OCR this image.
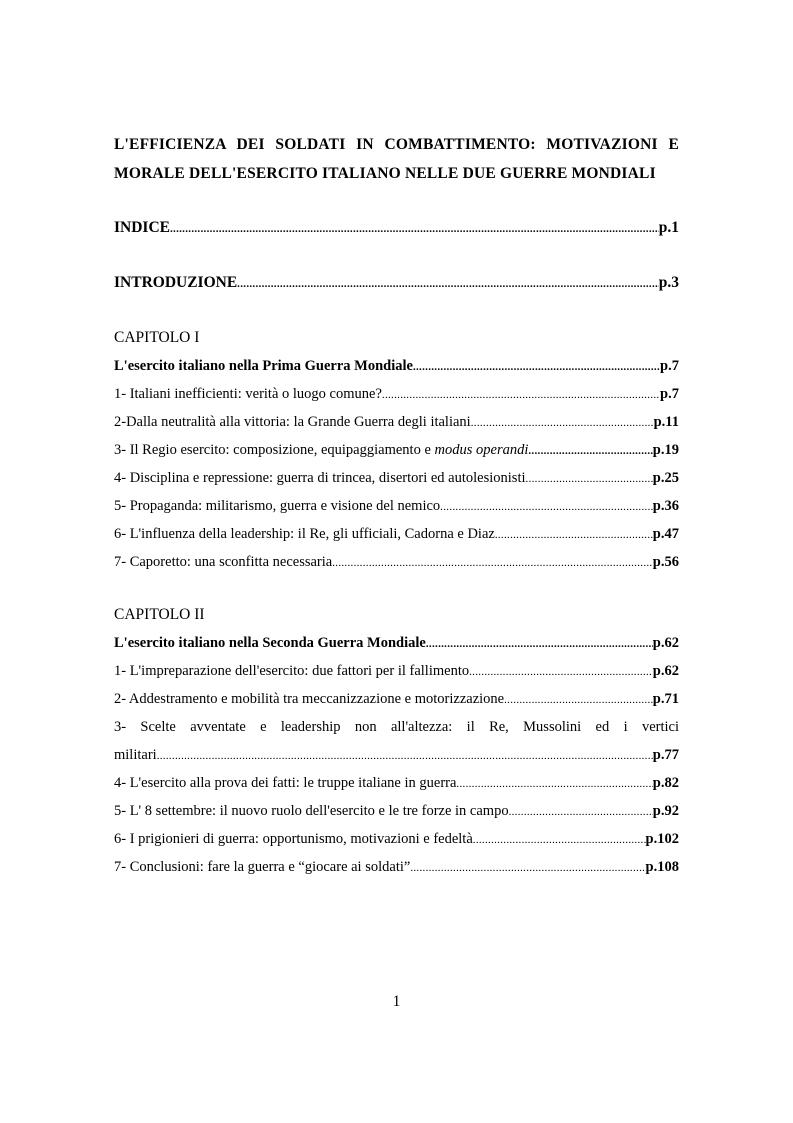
L'EFFICIENZA DEI SOLDATI IN COMBATTIMENTO: MOTIVAZIONI E
MORALE DELL'ESERCITO ITALIANO NELLE DUE GUERRE MONDIALI
INDICE .....	p.1
INTRODUZIONE .....	p.3
CAPITOLO I
L'esercito italiano nella Prima Guerra Mondiale .....	p.7
1- Italiani inefficienti: verità o luogo comune? .....	p.7
2-Dalla neutralità alla vittoria: la Grande Guerra degli italiani .....	p.11
3- Il Regio esercito: composizione, equipaggiamento e modus operandi .....	p.19
4- Disciplina e repressione: guerra di trincea, disertori ed autolesionisti .....	p.25
5- Propaganda: militarismo, guerra e visione del nemico .....	p.36
6- L'influenza della leadership: il Re, gli ufficiali, Cadorna e Diaz .....	p.47
7- Caporetto: una sconfitta necessaria .....	p.56
CAPITOLO II
L'esercito italiano nella Seconda Guerra Mondiale .....	p.62
1- L'impreparazione dell'esercito: due fattori per il fallimento .....	p.62
2- Addestramento e mobilità tra meccanizzazione e motorizzazione .....	p.71
3- Scelte avventate e leadership non all'altezza: il Re, Mussolini ed i vertici
militari .....	p.77
4- L'esercito alla prova dei fatti: le truppe italiane in guerra .....	p.82
5- L' 8 settembre: il nuovo ruolo dell'esercito e le tre forze in campo .....	p.92
6- I prigionieri di guerra: opportunismo, motivazioni e fedeltà .....	p.102
7- Conclusioni: fare la guerra e “giocare ai soldati” .....	p.108
1
